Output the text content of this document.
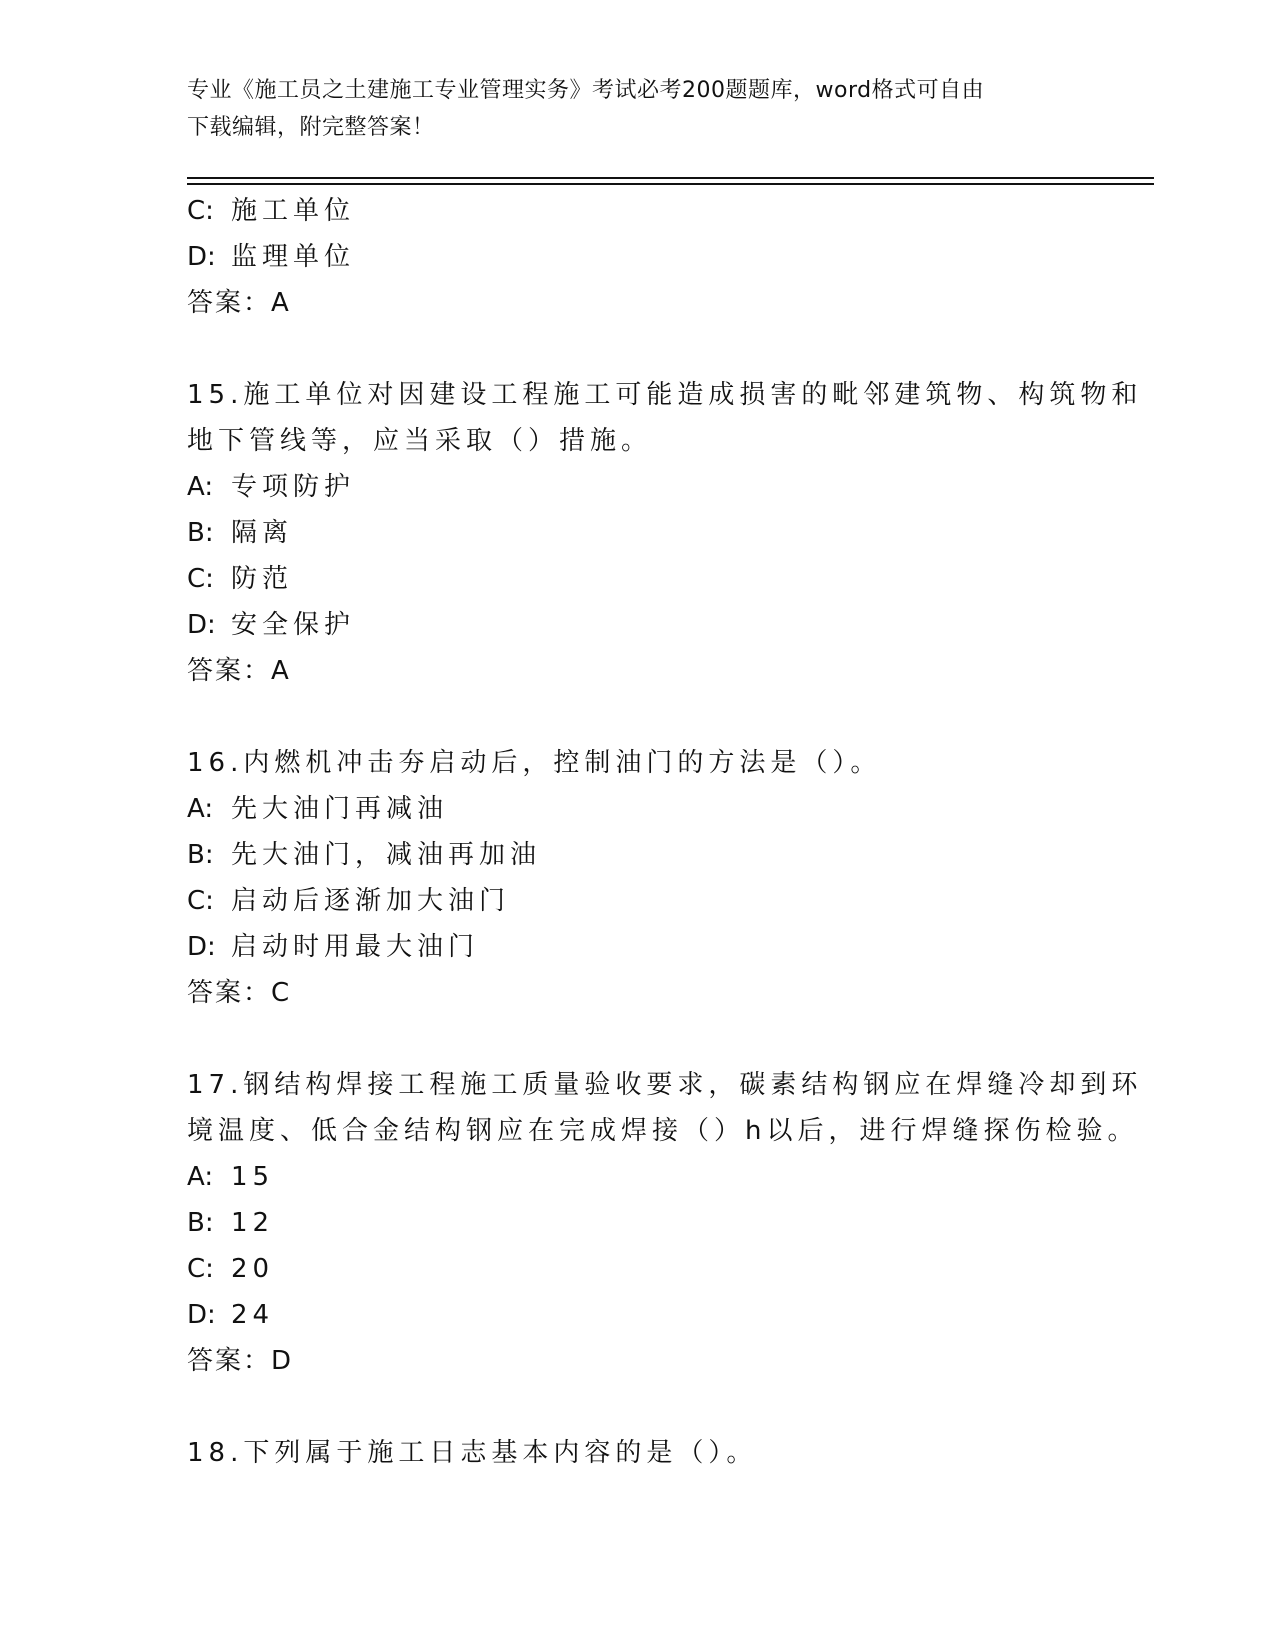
专业《施工员之土建施工专业管理实务》考试必考200题题库，word格式可自由
下载编辑，附完整答案！
C: 施工单位
D: 监理单位
答案：A
15.施工单位对因建设工程施工可能造成损害的毗邻建筑物、构筑物和
地下管线等，应当采取（）措施。
A: 专项防护
B: 隔离
C: 防范
D: 安全保护
答案：A
16.内燃机冲击夯启动后，控制油门的方法是（）。
A: 先大油门再减油
B: 先大油门，减油再加油
C: 启动后逐渐加大油门
D: 启动时用最大油门
答案：C
17.钢结构焊接工程施工质量验收要求，碳素结构钢应在焊缝冷却到环
境温度、低合金结构钢应在完成焊接（）h以后，进行焊缝探伤检验。
A: 15
B: 12
C: 20
D: 24
答案：D
18.下列属于施工日志基本内容的是（）。
